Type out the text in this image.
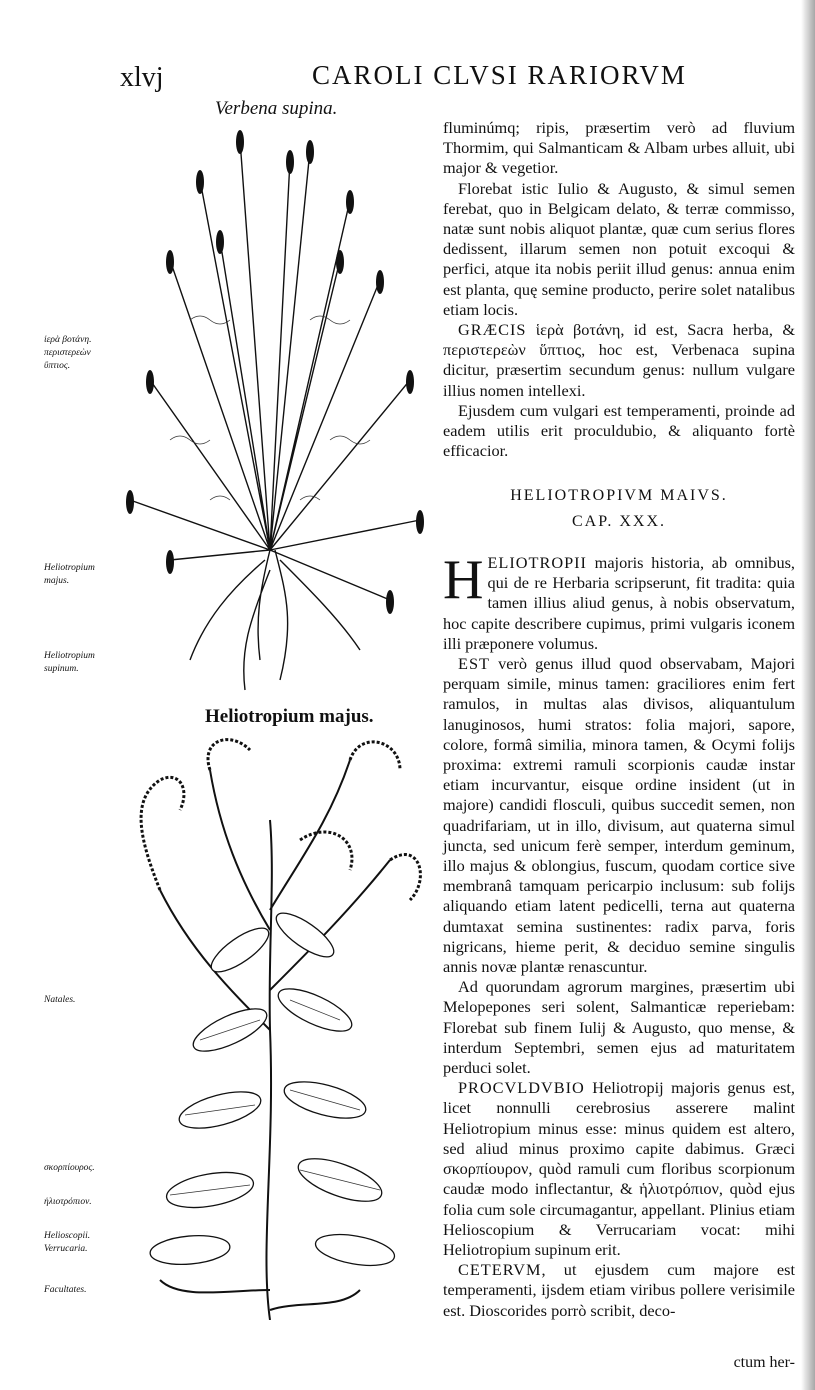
xlvj	CAROLI CLVSI RARIORVM
Verbena supina.
Heliotropium majus.
ἱερὰ βοτάνη.
περιστερεὼν
ὕπτιος.
Heliotropium
majus.
Heliotropium
supinum.
Natales.
σκορπίουρος.
ἡλιοτρόπιον.
Helioscopii.
Verrucaria.
Facultates.

fluminúmq; ripis, præsertim verò ad fluvium Thormim, qui Salmanticam & Albam urbes alluit, ubi major & vegetior.

Florebat istic Iulio & Augusto, & simul semen ferebat, quo in Belgicam delato, & terræ commisso, natæ sunt nobis aliquot plantæ, quæ cum serius flores dedissent, illarum semen non potuit excoqui & perfici, atque ita nobis periit illud genus: annua enim est planta, quę semine producto, perire solet natalibus etiam locis.

GRÆCIS ἱερὰ βοτάνη, id est, Sacra herba, & περιστερεὼν ὕπτιος, hoc est, Verbenaca supina dicitur, præsertim secundum genus: nullum vulgare illius nomen intellexi.

Ejusdem cum vulgari est temperamenti, proinde ad eadem utilis erit proculdubio, & aliquanto fortè efficacior.

HELIOTROPIVM MAIVS.
CAP. XXX.

HELIOTROPII majoris historia, ab omnibus, qui de re Herbaria scripserunt, fit tradita: quia tamen illius aliud genus, à nobis observatum, hoc capite describere cupimus, primi vulgaris iconem illi præponere volumus.

EST verò genus illud quod observabam, Majori perquam simile, minus tamen: graciliores enim fert ramulos, in multas alas divisos, aliquantulum lanuginosos, humi stratos: folia majori, sapore, colore, formâ similia, minora tamen, & Ocymi folijs proxima: extremi ramuli scorpionis caudæ instar etiam incurvantur, eisque ordine insident (ut in majore) candidi flosculi, quibus succedit semen, non quadrifariam, ut in illo, divisum, aut quaterna simul juncta, sed unicum ferè semper, interdum geminum, illo majus & oblongius, fuscum, quodam cortice sive membranâ tamquam pericarpio inclusum: sub folijs aliquando etiam latent pedicelli, terna aut quaterna dumtaxat semina sustinentes: radix parva, foris nigricans, hieme perit, & deciduo semine singulis annis novæ plantæ renascuntur.

Ad quorundam agrorum margines, præsertim ubi Melopepones seri solent, Salmanticæ reperiebam: Florebat sub finem Iulij & Augusto, quo mense, & interdum Septembri, semen ejus ad maturitatem perduci solet.

PROCVLDVBIO Heliotropij majoris genus est, licet nonnulli cerebrosius asserere malint Heliotropium minus esse: minus quidem est altero, sed aliud minus proximo capite dabimus. Græci σκορπίουρον, quòd ramuli cum floribus scorpionum caudæ modo inflectantur, & ἡλιοτρόπιον, quòd ejus folia cum sole circumagantur, appellant. Plinius etiam Helioscopium & Verrucariam vocat: mihi Heliotropium supinum erit.

CETERVM, ut ejusdem cum majore est temperamenti, ijsdem etiam viribus pollere verisimile est. Dioscorides porrò scribit, deco-

ctum her-
